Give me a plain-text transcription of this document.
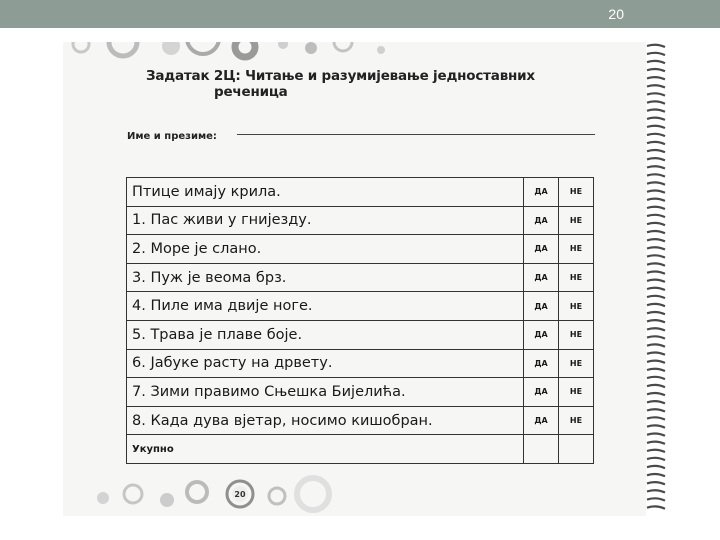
20
Задатак 2Ц: Читање и разумијевање једноставних
реченица
Име и презиме:
Птице имају крила.	ДА	НЕ
1. Пас живи у гнијезду.	ДА	НЕ
2. Море је слано.	ДА	НЕ
3. Пуж је веома брз.	ДА	НЕ
4. Пиле има двије ноге.	ДА	НЕ
5. Трава је плаве боје.	ДА	НЕ
6. Јабуке расту на дрвету.	ДА	НЕ
7. Зими правимо Сњешка Бијелића.	ДА	НЕ
8. Када дува вјетар, носимо кишобран.	ДА	НЕ
Укупно		
20
